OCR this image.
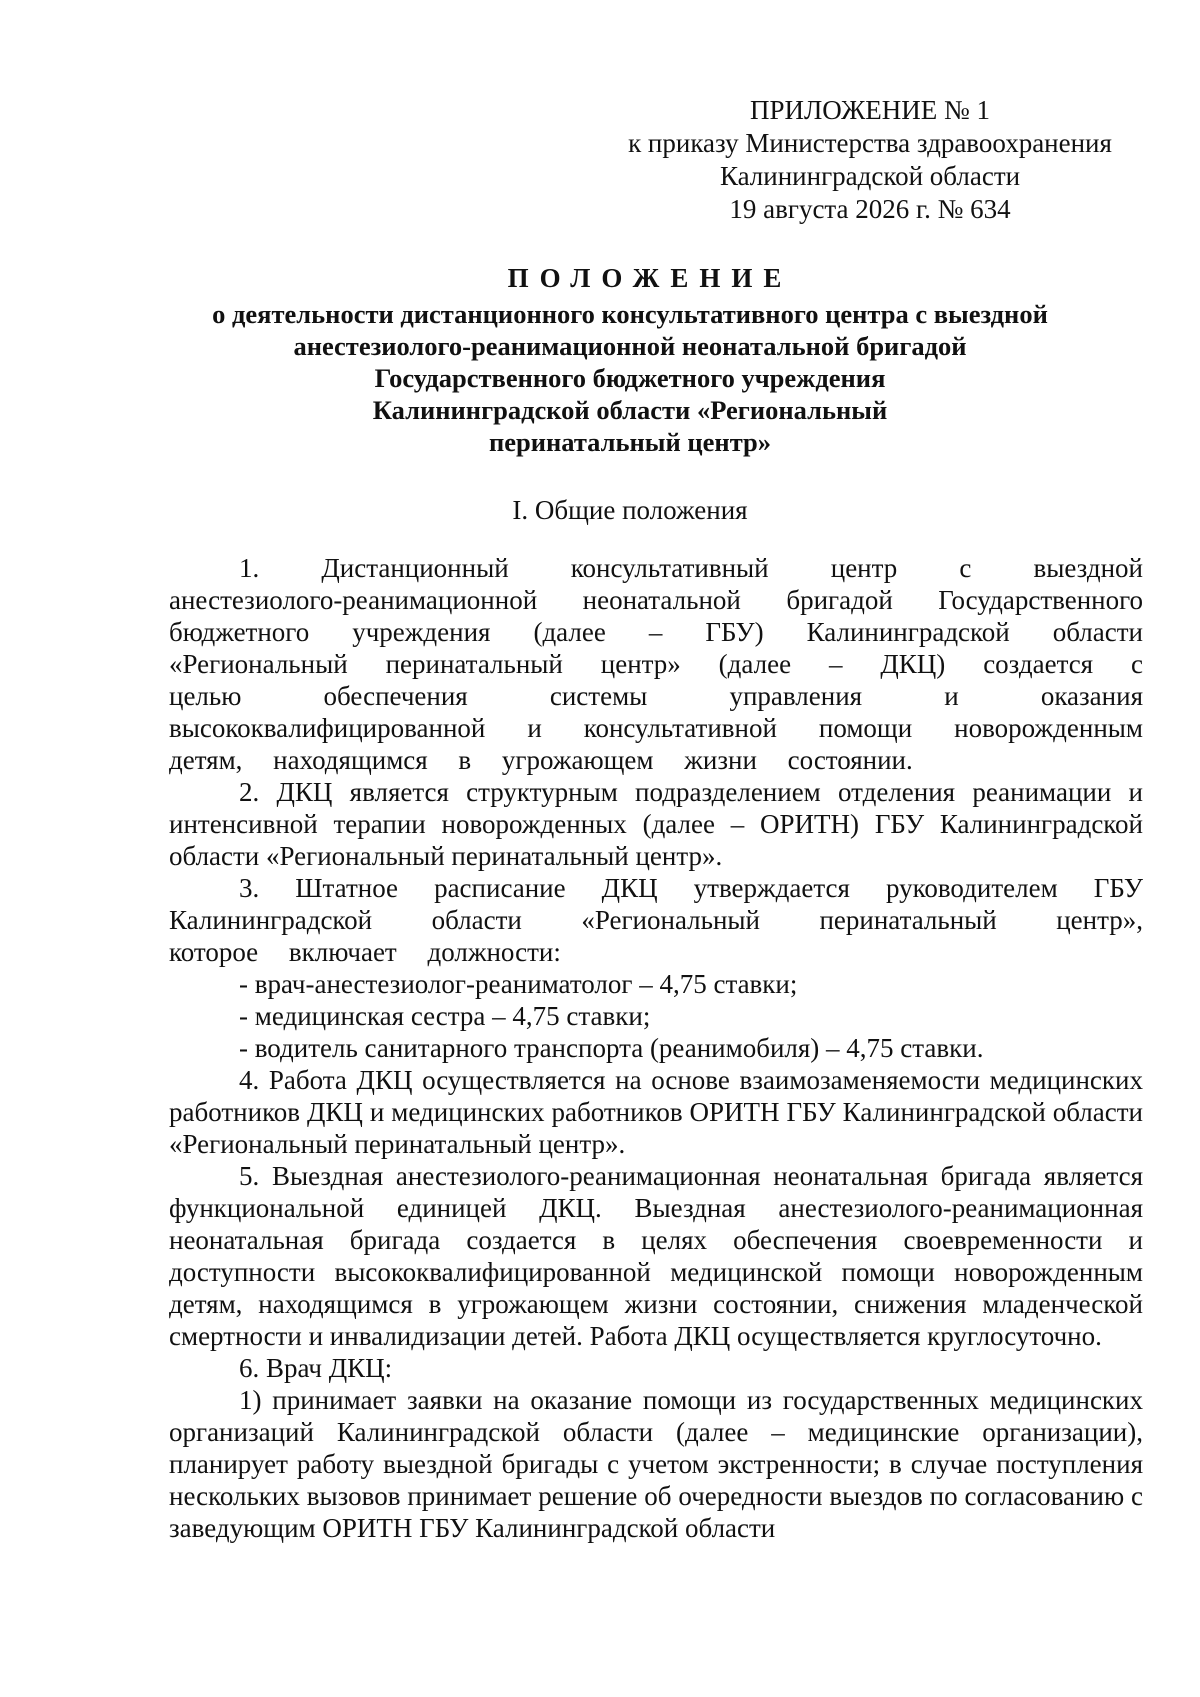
ПРИЛОЖЕНИЕ № 1
к приказу Министерства здравоохранения
Калининградской области
19 августа 2026 г. № 634
ПОЛОЖЕНИЕ
о деятельности дистанционного консультативного центра с выездной
анестезиолого-реанимационной неонатальной бригадой
Государственного бюджетного учреждения
Калининградской области «Региональный
перинатальный центр»
I. Общие положения

1. Дистанционный консультативный центр с выездной анестезиолого-реанимационной неонатальной бригадой Государственного бюджетного учреждения (далее – ГБУ) Калининградской области «Региональный перинатальный центр» (далее – ДКЦ) создается с целью обеспечения системы управления и оказания высококвалифицированной и консультативной помощи новорожденным детям, находящимся в угрожающем жизни состоянии.

2. ДКЦ является структурным подразделением отделения реанимации и интенсивной терапии новорожденных (далее – ОРИТН) ГБУ Калининградской области «Региональный перинатальный центр».

3. Штатное расписание ДКЦ утверждается руководителем ГБУ Калининградской области «Региональный перинатальный центр», которое включает должности:

- врач-анестезиолог-реаниматолог – 4,75 ставки;

- медицинская сестра – 4,75 ставки;

- водитель санитарного транспорта (реанимобиля) – 4,75 ставки.

4. Работа ДКЦ осуществляется на основе взаимозаменяемости медицинских работников ДКЦ и медицинских работников ОРИТН ГБУ Калининградской области «Региональный перинатальный центр».

5. Выездная анестезиолого-реанимационная неонатальная бригада является функциональной единицей ДКЦ. Выездная анестезиолого-реанимационная неонатальная бригада создается в целях обеспечения своевременности и доступности высококвалифицированной медицинской помощи новорожденным детям, находящимся в угрожающем жизни состоянии, снижения младенческой смертности и инвалидизации детей. Работа ДКЦ осуществляется круглосуточно.

6. Врач ДКЦ:

1) принимает заявки на оказание помощи из государственных медицинских организаций Калининградской области (далее – медицинские организации), планирует работу выездной бригады с учетом экстренности; в случае поступления нескольких вызовов принимает решение об очередности выездов по согласованию с заведующим ОРИТН ГБУ Калининградской области
